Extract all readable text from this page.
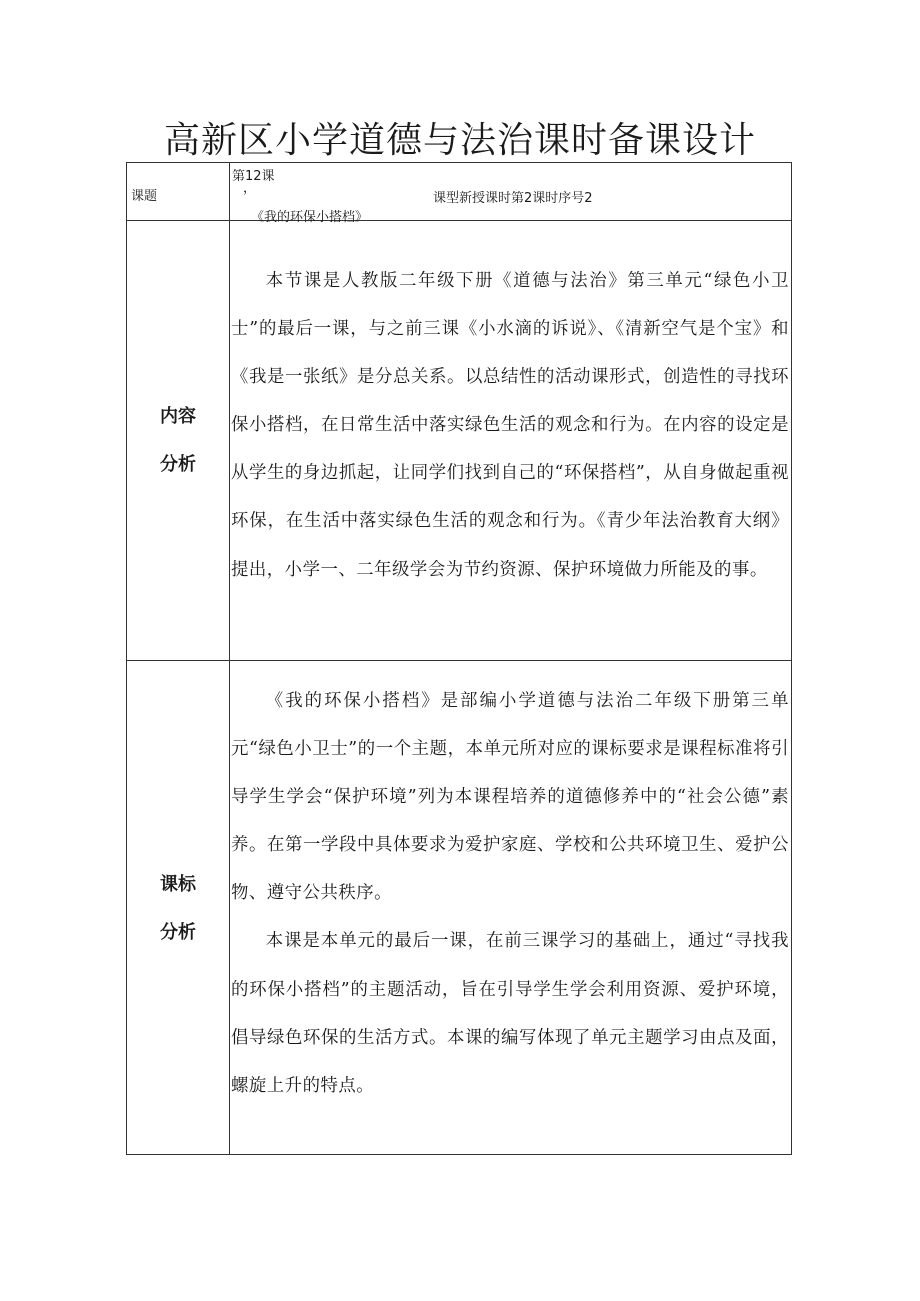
高新区小学道德与法治课时备课设计
课题
第12课
，
《我的环保小搭档》
课型新授课时第2课时序号2
内容
分析

本节课是人教版二年级下册《道德与法治》第三单元“绿色小卫士”的最后一课，与之前三课《小水滴的诉说》、《清新空气是个宝》和《我是一张纸》是分总关系。以总结性的活动课形式，创造性的寻找环保小搭档，在日常生活中落实绿色生活的观念和行为。在内容的设定是从学生的身边抓起，让同学们找到自己的“环保搭档”，从自身做起重视环保，在生活中落实绿色生活的观念和行为。《青少年法治教育大纲》提出，小学一、二年级学会为节约资源、保护环境做力所能及的事。

课标
分析

《我的环保小搭档》是部编小学道德与法治二年级下册第三单元“绿色小卫士”的一个主题，本单元所对应的课标要求是课程标准将引导学生学会“保护环境”列为本课程培养的道德修养中的“社会公德”素养。在第一学段中具体要求为爱护家庭、学校和公共环境卫生、爱护公物、遵守公共秩序。

本课是本单元的最后一课，在前三课学习的基础上，通过“寻找我的环保小搭档”的主题活动，旨在引导学生学会利用资源、爱护环境，倡导绿色环保的生活方式。本课的编写体现了单元主题学习由点及面，螺旋上升的特点。
